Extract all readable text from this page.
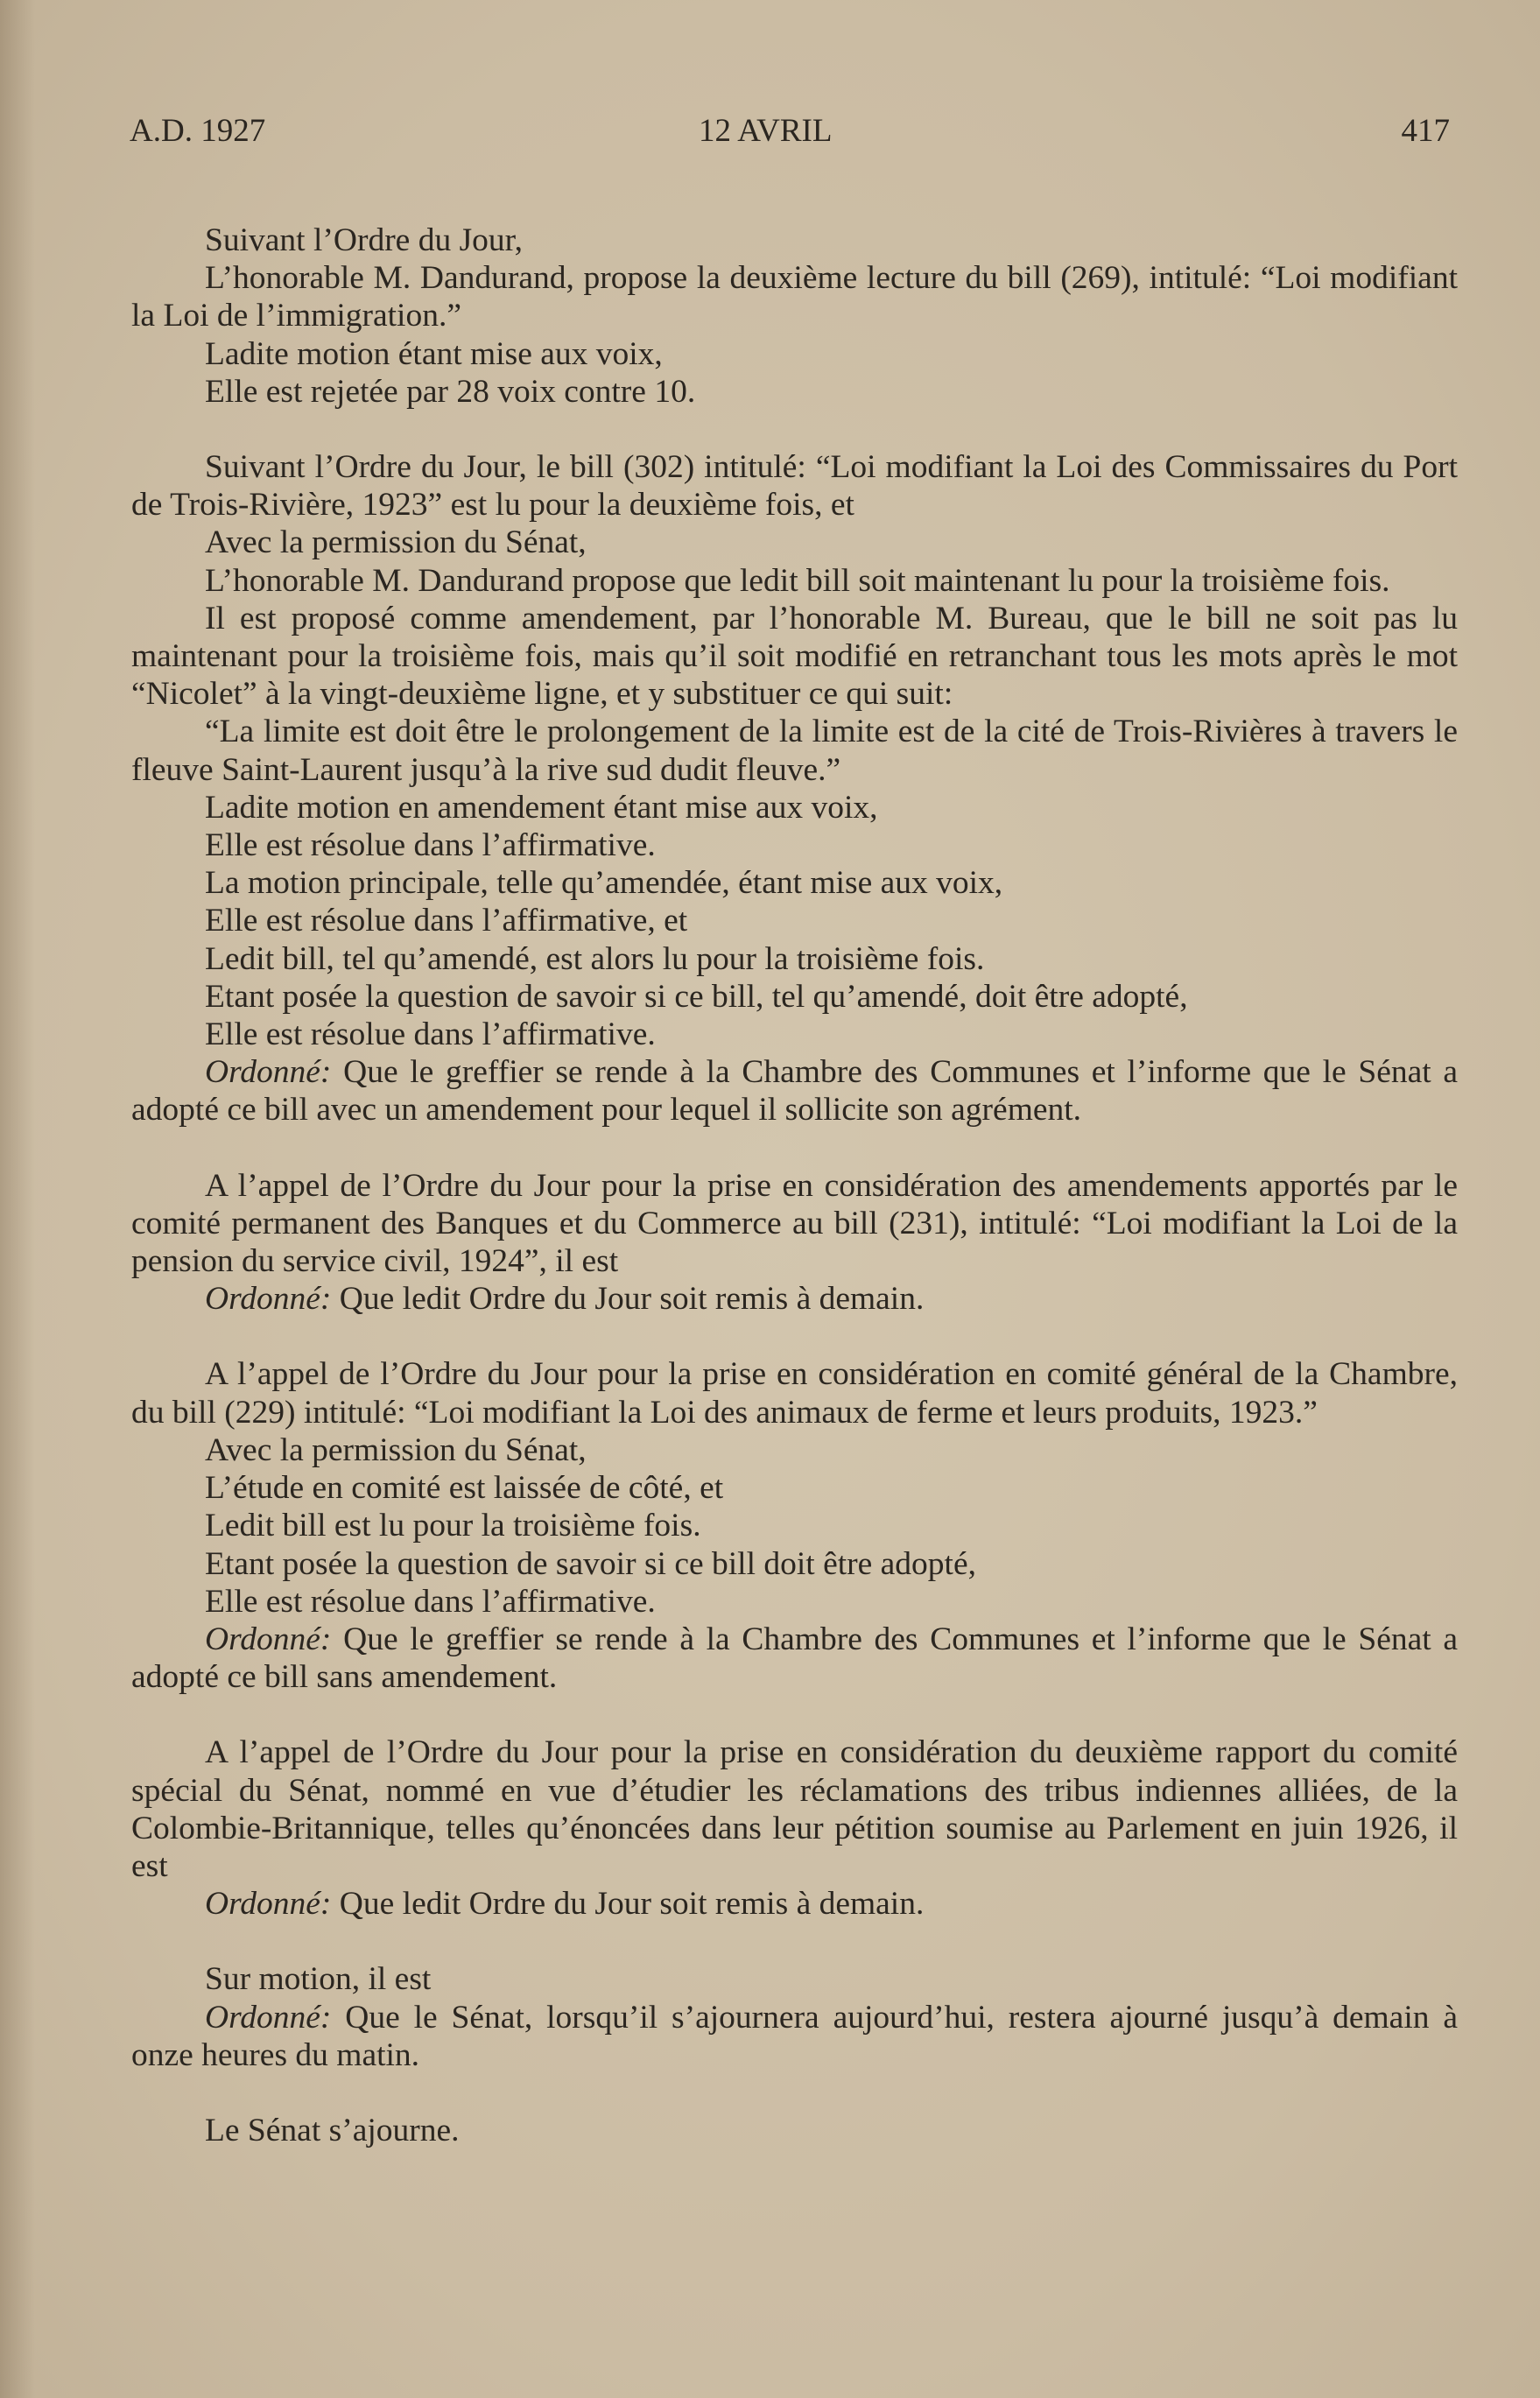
A.D. 1927	12 AVRIL	417

Suivant l’Ordre du Jour,

L’honorable M. Dandurand, propose la deuxième lecture du bill (269), intitulé: “Loi modifiant la Loi de l’immigration.”

Ladite motion étant mise aux voix,

Elle est rejetée par 28 voix contre 10.

Suivant l’Ordre du Jour, le bill (302) intitulé: “Loi modifiant la Loi des Commissaires du Port de Trois-Rivière, 1923” est lu pour la deuxième fois, et

Avec la permission du Sénat,

L’honorable M. Dandurand propose que ledit bill soit maintenant lu pour la troisième fois.

Il est proposé comme amendement, par l’honorable M. Bureau, que le bill ne soit pas lu maintenant pour la troisième fois, mais qu’il soit modifié en retranchant tous les mots après le mot “Nicolet” à la vingt-deuxième ligne, et y substituer ce qui suit:

“La limite est doit être le prolongement de la limite est de la cité de Trois-Rivières à travers le fleuve Saint-Laurent jusqu’à la rive sud dudit fleuve.”

Ladite motion en amendement étant mise aux voix,

Elle est résolue dans l’affirmative.

La motion principale, telle qu’amendée, étant mise aux voix,

Elle est résolue dans l’affirmative, et

Ledit bill, tel qu’amendé, est alors lu pour la troisième fois.

Etant posée la question de savoir si ce bill, tel qu’amendé, doit être adopté,

Elle est résolue dans l’affirmative.

Ordonné: Que le greffier se rende à la Chambre des Communes et l’informe que le Sénat a adopté ce bill avec un amendement pour lequel il sollicite son agrément.

A l’appel de l’Ordre du Jour pour la prise en considération des amendements apportés par le comité permanent des Banques et du Commerce au bill (231), intitulé: “Loi modifiant la Loi de la pension du service civil, 1924”, il est

Ordonné: Que ledit Ordre du Jour soit remis à demain.

A l’appel de l’Ordre du Jour pour la prise en considération en comité général de la Chambre, du bill (229) intitulé: “Loi modifiant la Loi des animaux de ferme et leurs produits, 1923.”

Avec la permission du Sénat,

L’étude en comité est laissée de côté, et

Ledit bill est lu pour la troisième fois.

Etant posée la question de savoir si ce bill doit être adopté,

Elle est résolue dans l’affirmative.

Ordonné: Que le greffier se rende à la Chambre des Communes et l’informe que le Sénat a adopté ce bill sans amendement.

A l’appel de l’Ordre du Jour pour la prise en considération du deuxième rapport du comité spécial du Sénat, nommé en vue d’étudier les réclamations des tribus indiennes alliées, de la Colombie-Britannique, telles qu’énoncées dans leur pétition soumise au Parlement en juin 1926, il est

Ordonné: Que ledit Ordre du Jour soit remis à demain.

Sur motion, il est

Ordonné: Que le Sénat, lorsqu’il s’ajournera aujourd’hui, restera ajourné jusqu’à demain à onze heures du matin.

Le Sénat s’ajourne.
